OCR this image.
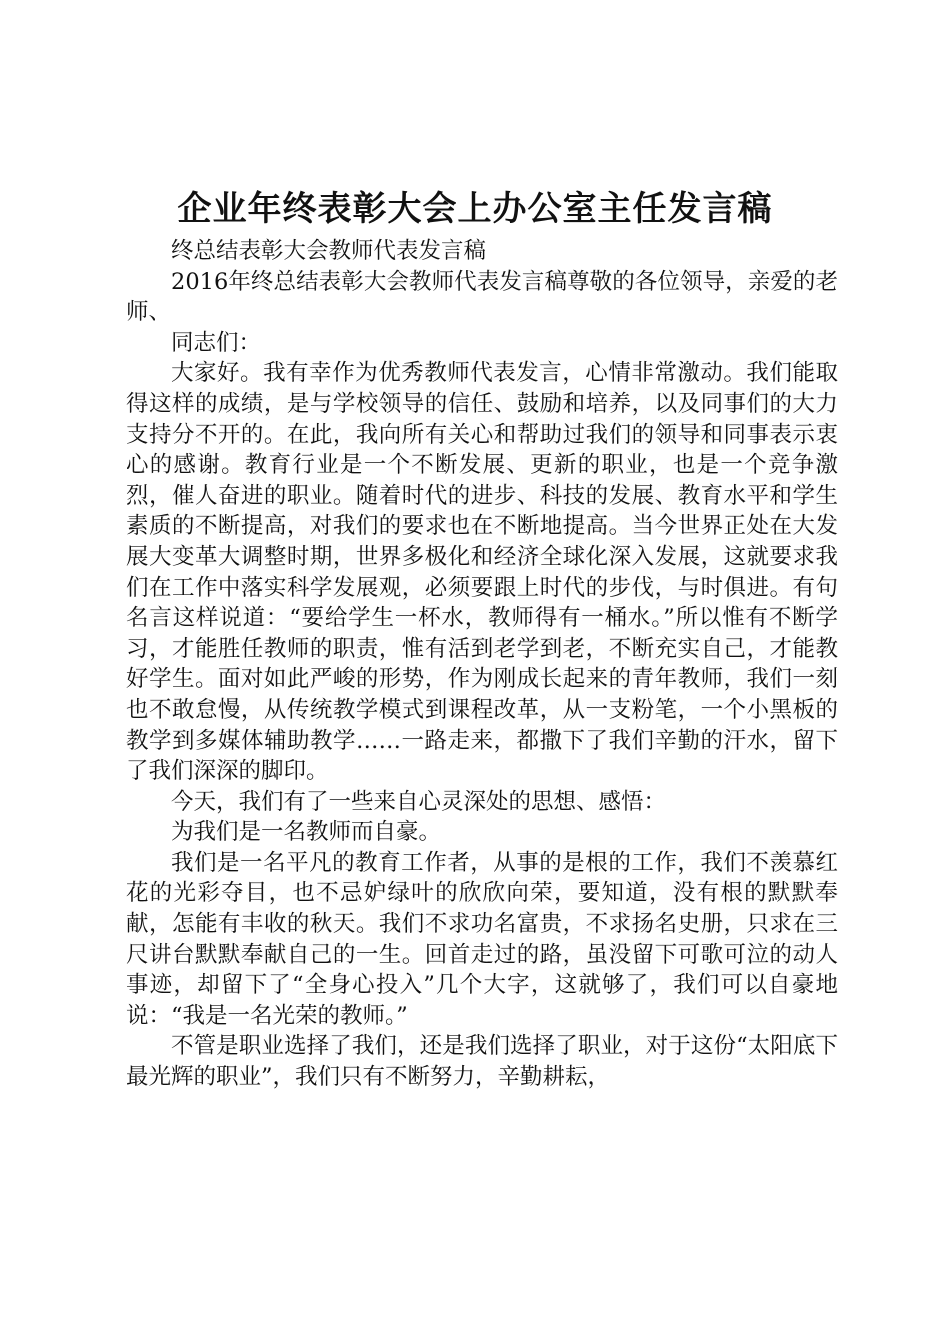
企业年终表彰大会上办公室主任发言稿

终总结表彰大会教师代表发言稿

2016年终总结表彰大会教师代表发言稿尊敬的各位领导，亲爱的老师、

同志们：

大家好。我有幸作为优秀教师代表发言，心情非常激动。我们能取得这样的成绩，是与学校领导的信任、鼓励和培养，以及同事们的大力支持分不开的。在此，我向所有关心和帮助过我们的领导和同事表示衷心的感谢。教育行业是一个不断发展、更新的职业，也是一个竞争激烈，催人奋进的职业。随着时代的进步、科技的发展、教育水平和学生素质的不断提高，对我们的要求也在不断地提高。当今世界正处在大发展大变革大调整时期，世界多极化和经济全球化深入发展，这就要求我们在工作中落实科学发展观，必须要跟上时代的步伐，与时俱进。有句名言这样说道：“要给学生一杯水，教师得有一桶水。”所以惟有不断学习，才能胜任教师的职责，惟有活到老学到老，不断充实自己，才能教好学生。面对如此严峻的形势，作为刚成长起来的青年教师，我们一刻也不敢怠慢，从传统教学模式到课程改革，从一支粉笔，一个小黑板的教学到多媒体辅助教学……一路走来，都撒下了我们辛勤的汗水，留下了我们深深的脚印。

今天，我们有了一些来自心灵深处的思想、感悟：

为我们是一名教师而自豪。

我们是一名平凡的教育工作者，从事的是根的工作，我们不羡慕红花的光彩夺目，也不忌妒绿叶的欣欣向荣，要知道，没有根的默默奉献，怎能有丰收的秋天。我们不求功名富贵，不求扬名史册，只求在三尺讲台默默奉献自己的一生。回首走过的路，虽没留下可歌可泣的动人事迹，却留下了“全身心投入”几个大字，这就够了，我们可以自豪地说：“我是一名光荣的教师。”

不管是职业选择了我们，还是我们选择了职业，对于这份“太阳底下最光辉的职业”，我们只有不断努力，辛勤耕耘，
